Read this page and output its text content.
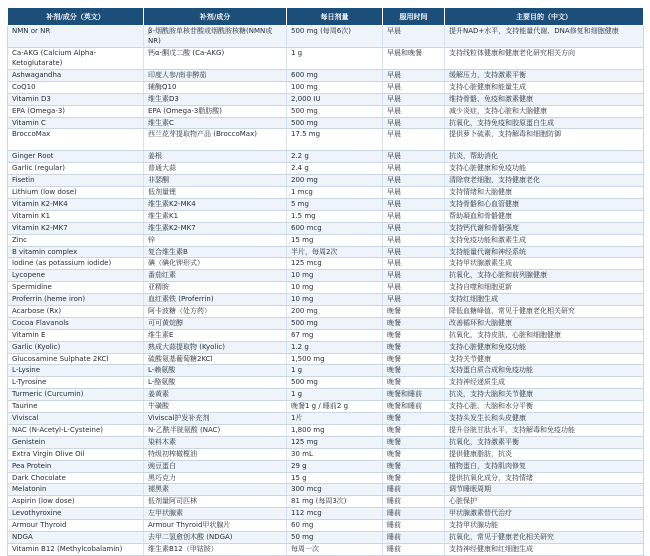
补剂/成分（英文）	补剂/成分	每日剂量	服用时间	主要目的（中文）
NMN or NR	β-烟酰胺单核苷酸或烟酰胺核糖(NMN或NR)	500 mg (每周6次)	早晨	提升NAD+水平，支持能量代谢、DNA修复和细胞健康
Ca-AKG (Calcium Alpha-Ketoglutarate)	钙α-酮戊二酸 (Ca-AKG)	1 g	早晨和晚餐	支持线粒体健康和健康老化研究相关方向
Ashwagandha	印度人参/南非醉茄	600 mg	早晨	缓解压力，支持激素平衡
CoQ10	辅酶Q10	100 mg	早晨	支持心脏健康和能量生成
Vitamin D3	维生素D3	2,000 IU	早晨	维持骨骼、免疫和激素健康
EPA (Omega-3)	EPA (Omega-3脂肪酸)	500 mg	早晨	减少炎症，支持心脏和大脑健康
Vitamin C	维生素C	500 mg	早晨	抗氧化，支持免疫和胶原蛋白生成
BroccoMax	西兰花芽提取物产品 (BroccoMax)	17.5 mg	早晨	提供萝卜硫素，支持解毒和细胞防御
Ginger Root	姜根	2.2 g	早晨	抗炎，帮助消化
Garlic (regular)	普通大蒜	2.4 g	早晨	支持心脏健康和免疫功能
Fisetin	非瑟酮	200 mg	早晨	清除衰老细胞，支持健康老化
Lithium (low dose)	低剂量锂	1 mcg	早晨	支持情绪和大脑健康
Vitamin K2-MK4	维生素K2-MK4	5 mg	早晨	支持骨骼和心血管健康
Vitamin K1	维生素K1	1.5 mg	早晨	帮助凝血和骨骼健康
Vitamin K2-MK7	维生素K2-MK7	600 mcg	早晨	支持钙代谢和骨骼强度
Zinc	锌	15 mg	早晨	支持免疫功能和激素生成
B vitamin complex	复合维生素B	半片，每周2次	早晨	支持能量代谢和神经系统
Iodine (as potassium iodide)	碘（碘化钾形式）	125 mcg	早晨	支持甲状腺激素生成
Lycopene	番茄红素	10 mg	早晨	抗氧化，支持心脏和前列腺健康
Spermidine	亚精胺	10 mg	早晨	支持自噬和细胞更新
Proferrin (heme iron)	血红素铁 (Proferrin)	10 mg	早晨	支持红细胞生成
Acarbose (Rx)	阿卡波糖（处方药）	200 mg	晚餐	降低血糖峰值，常见于健康老化相关研究
Cocoa Flavanols	可可黄烷醇	500 mg	晚餐	改善循环和大脑健康
Vitamin E	维生素E	67 mg	晚餐	抗氧化，支持皮肤、心脏和细胞健康
Garlic (Kyolic)	熟成大蒜提取物 (Kyolic)	1.2 g	晚餐	支持心脏健康和免疫功能
Glucosamine Sulphate 2KCl	硫酸氨基葡萄糖2KCl	1,500 mg	晚餐	支持关节健康
L-Lysine	L-赖氨酸	1 g	晚餐	支持蛋白质合成和免疫功能
L-Tyrosine	L-酪氨酸	500 mg	晚餐	支持神经递质生成
Turmeric (Curcumin)	姜黄素	1 g	晚餐和睡前	抗炎，支持大脑和关节健康
Taurine	牛磺酸	晚餐1 g / 睡前2 g	晚餐和睡前	支持心脏、大脑和水分平衡
Viviscal	Viviscal护发补充剂	1片	晚餐	支持头发生长和头皮健康
NAC (N-Acetyl-L-Cysteine)	N-乙酰半胱氨酸 (NAC)	1,800 mg	晚餐	提升谷胱甘肽水平，支持解毒和免疫功能
Genistein	染料木素	125 mg	晚餐	抗氧化，支持激素平衡
Extra Virgin Olive Oil	特级初榨橄榄油	30 mL	晚餐	提供健康脂肪，抗炎
Pea Protein	豌豆蛋白	29 g	晚餐	植物蛋白，支持肌肉修复
Dark Chocolate	黑巧克力	15 g	晚餐	提供抗氧化成分，支持情绪
Melatonin	褪黑素	300 mcg	睡前	调节睡眠周期
Aspirin (low dose)	低剂量阿司匹林	81 mg (每周3次)	睡前	心脏保护
Levothyroxine	左甲状腺素	112 mcg	睡前	甲状腺激素替代治疗
Armour Thyroid	Armour Thyroid甲状腺片	60 mg	睡前	支持甲状腺功能
NDGA	去甲二氢愈创木酸 (NDGA)	50 mg	睡前	抗氧化，常见于健康老化相关研究
Vitamin B12 (Methylcobalamin)	维生素B12（甲钴胺）	每周一次	睡前	支持神经健康和红细胞生成
